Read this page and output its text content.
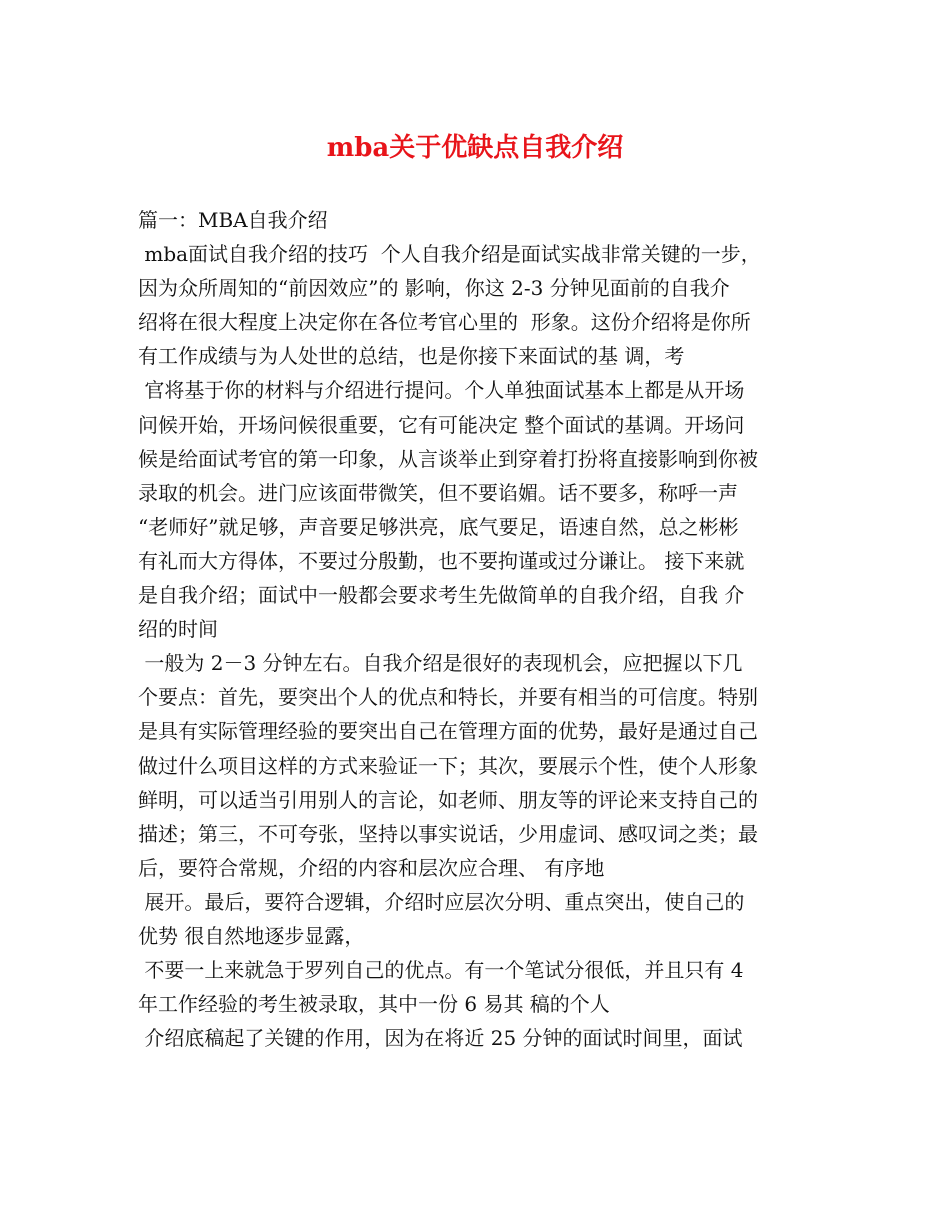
mba关于优缺点自我介绍
篇一：MBA自我介绍
mba面试自我介绍的技巧  个人自我介绍是面试实战非常关键的一步，
因为众所周知的“前因效应”的 影响，你这 2-3 分钟见面前的自我介
绍将在很大程度上决定你在各位考官心里的  形象。这份介绍将是你所
有工作成绩与为人处世的总结，也是你接下来面试的基 调，考
官将基于你的材料与介绍进行提问。个人单独面试基本上都是从开场
问候开始，开场问候很重要，它有可能决定 整个面试的基调。开场问
候是给面试考官的第一印象，从言谈举止到穿着打扮将直接影响到你被
录取的机会。进门应该面带微笑，但不要谄媚。话不要多，称呼一声
“老师好”就足够，声音要足够洪亮，底气要足，语速自然，总之彬彬
有礼而大方得体，不要过分殷勤，也不要拘谨或过分谦让。 接下来就
是自我介绍；面试中一般都会要求考生先做简单的自我介绍，自我 介
绍的时间
一般为 2－3 分钟左右。自我介绍是很好的表现机会，应把握以下几
个要点：首先，要突出个人的优点和特长，并要有相当的可信度。特别
是具有实际管理经验的要突出自己在管理方面的优势，最好是通过自己
做过什么项目这样的方式来验证一下；其次，要展示个性，使个人形象
鲜明，可以适当引用别人的言论，如老师、朋友等的评论来支持自己的
描述；第三，不可夸张，坚持以事实说话，少用虚词、感叹词之类；最
后，要符合常规，介绍的内容和层次应合理、 有序地
展开。最后，要符合逻辑，介绍时应层次分明、重点突出，使自己的
优势 很自然地逐步显露，
不要一上来就急于罗列自己的优点。有一个笔试分很低，并且只有 4
年工作经验的考生被录取，其中一份 6 易其 稿的个人
介绍底稿起了关键的作用，因为在将近 25 分钟的面试时间里，面试
